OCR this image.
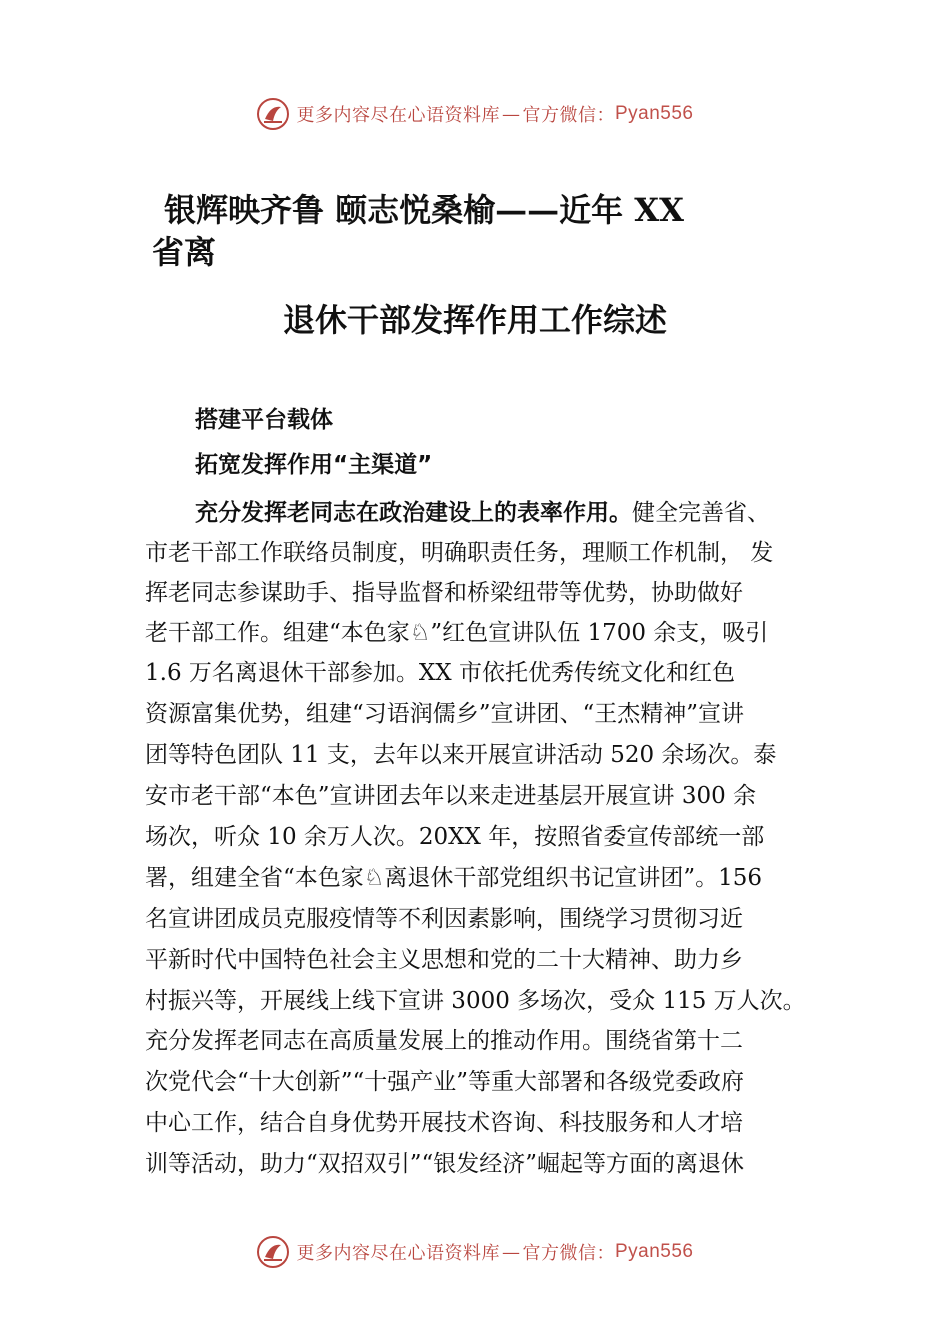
更多内容尽在心语资料库 — 官方微信： Pyan556
银辉映齐鲁 颐志悦桑榆——近年 XX
省离
退休干部发挥作用工作综述
搭建平台载体
拓宽发挥作用“主渠道”
充分发挥老同志在政治建设上的表率作用。健全完善省、
市老干部工作联络员制度，明确职责任务，理顺工作机制， 发
挥老同志参谋助手、指导监督和桥梁纽带等优势，协助做好
老干部工作。组建“本色家♘”红色宣讲队伍 1700 余支，吸引
1.6 万名离退休干部参加。XX 市依托优秀传统文化和红色
资源富集优势，组建“习语润儒乡”宣讲团、“王杰精神”宣讲
团等特色团队 11 支，去年以来开展宣讲活动 520 余场次。泰
安市老干部“本色”宣讲团去年以来走进基层开展宣讲 300 余
场次，听众 10 余万人次。20XX 年，按照省委宣传部统一部
署，组建全省“本色家♘离退休干部党组织书记宣讲团”。156
名宣讲团成员克服疫情等不利因素影响，围绕学习贯彻习近
平新时代中国特色社会主义思想和党的二十大精神、助力乡
村振兴等，开展线上线下宣讲 3000 多场次，受众 115 万人次。
充分发挥老同志在高质量发展上的推动作用。围绕省第十二
次党代会“十大创新”“十强产业”等重大部署和各级党委政府
中心工作，结合自身优势开展技术咨询、科技服务和人才培
训等活动，助力“双招双引”“银发经济”崛起等方面的离退休
更多内容尽在心语资料库 — 官方微信： Pyan556
